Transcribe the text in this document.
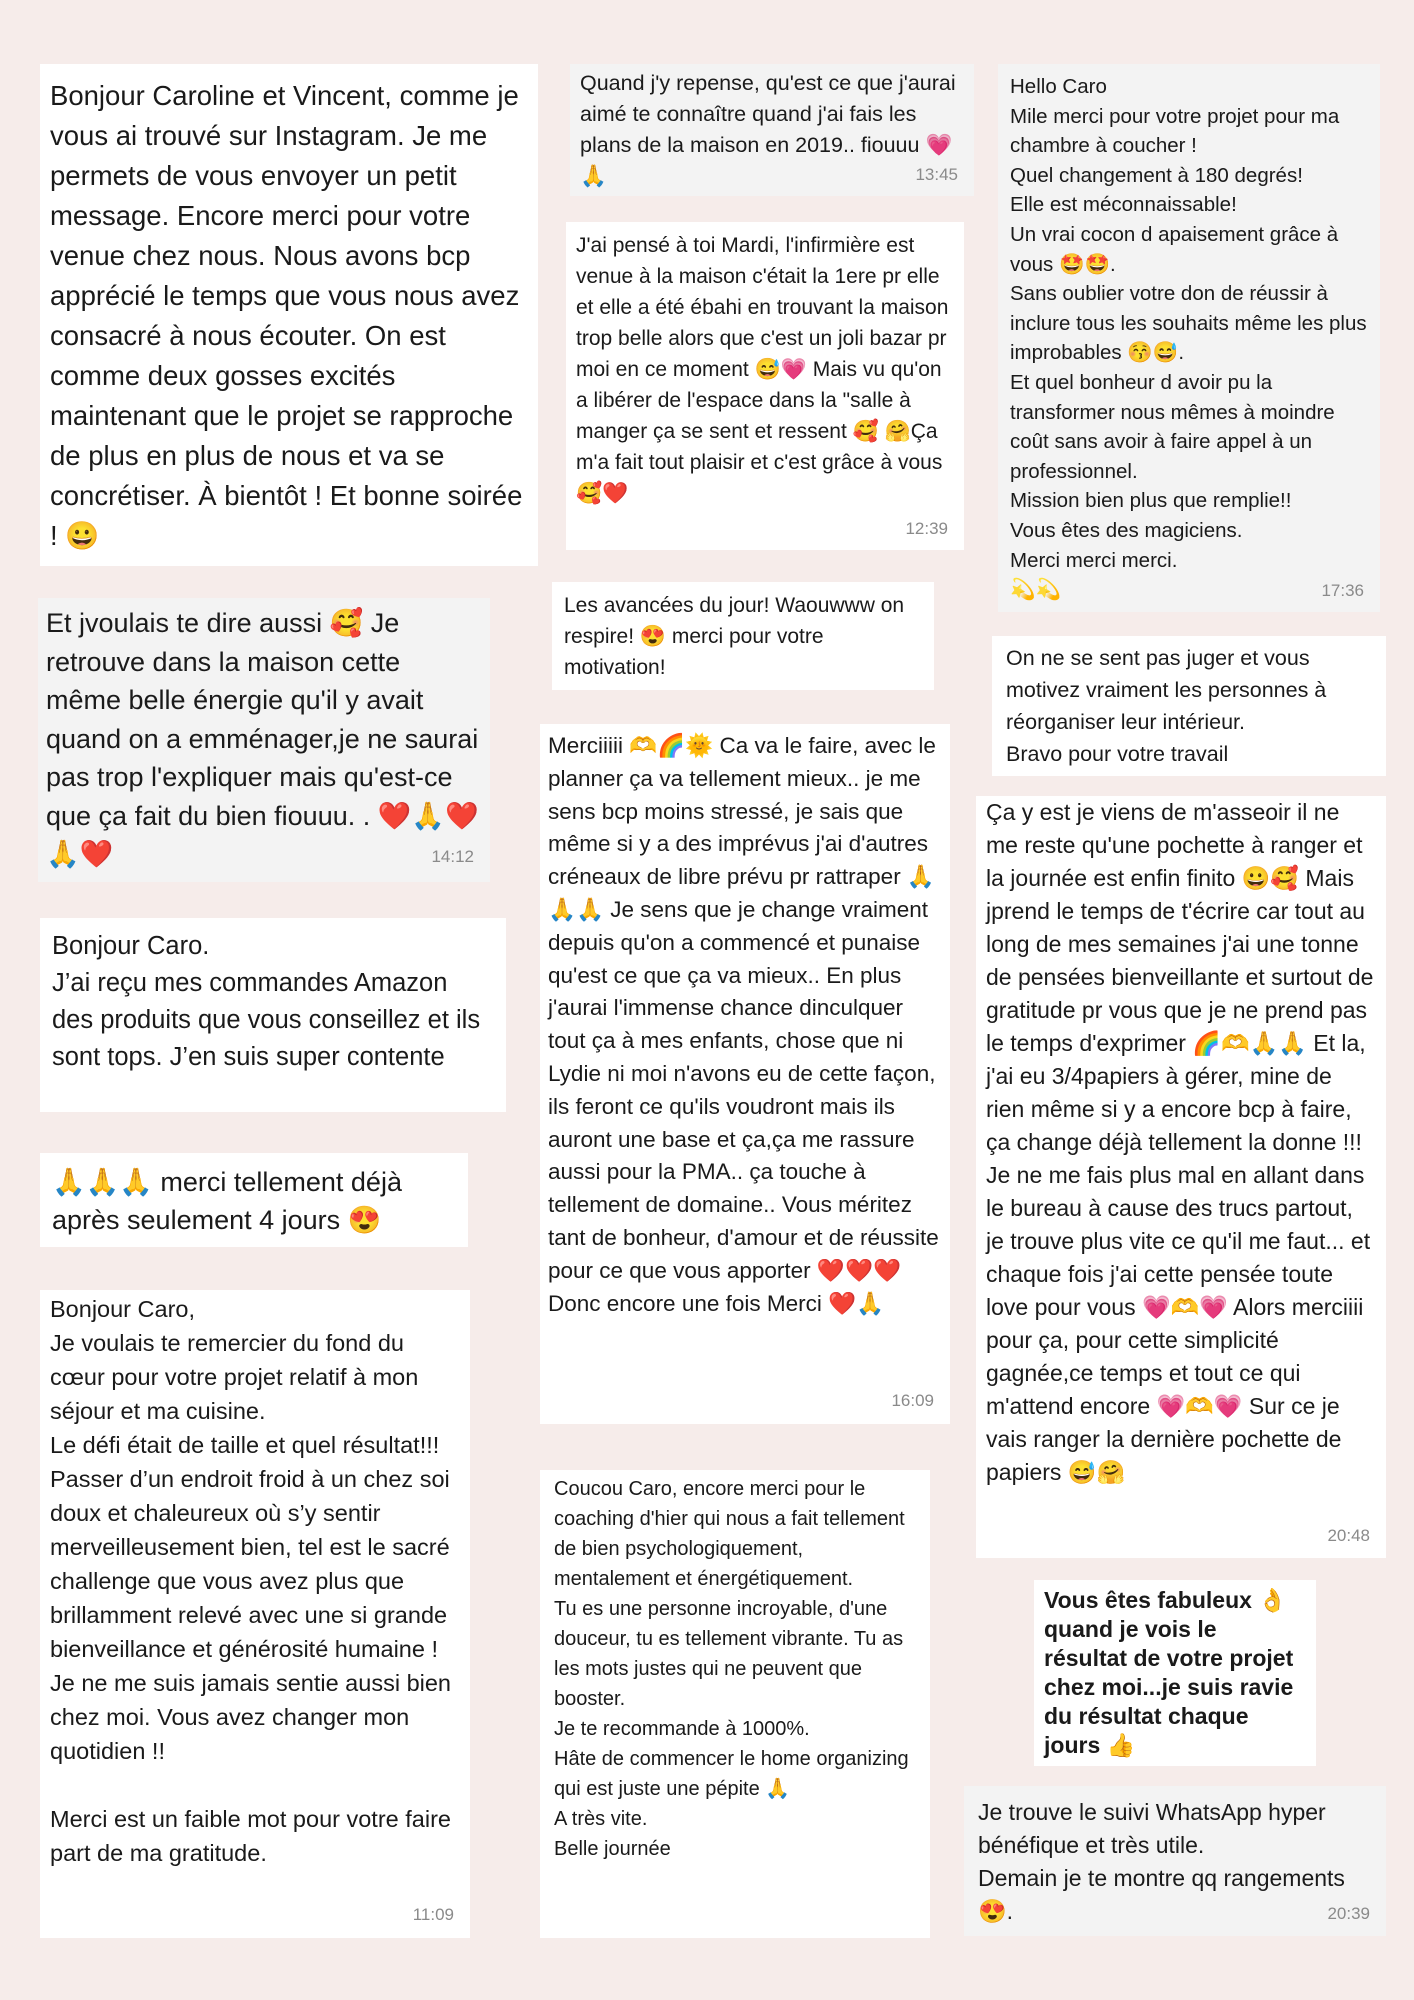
Bonjour Caroline et Vincent, comme je vous ai trouvé sur Instagram. Je me permets de vous envoyer un petit message. Encore merci pour votre venue chez nous. Nous avons bcp apprécié le temps que vous nous avez consacré à nous écouter. On est comme deux gosses excités maintenant que le projet se rapproche de plus en plus de nous et va se concrétiser. À bientôt ! Et bonne soirée ! 😀

Et jvoulais te dire aussi 🥰 Je retrouve dans la maison cette même belle énergie qu'il y avait quand on a emménager,je ne saurai pas trop l'expliquer mais qu'est-ce que ça fait du bien fiouuu. . ❤️🙏❤️🙏❤️	14:12

Bonjour Caro.
J’ai reçu mes commandes Amazon des produits que vous conseillez et ils sont tops. J’en suis super contente

🙏🙏🙏 merci tellement déjà après seulement 4 jours 😍

Bonjour Caro,
Je voulais te remercier du fond du cœur pour votre projet relatif à mon séjour et ma cuisine.
Le défi était de taille et quel résultat!!!
Passer d’un endroit froid à un chez soi doux et chaleureux où s’y sentir merveilleusement bien, tel est le sacré challenge que vous avez plus que brillamment relevé avec une si grande bienveillance et générosité humaine ! Je ne me suis jamais sentie aussi bien chez moi. Vous avez changer mon quotidien !!

Merci est un faible mot pour votre faire part de ma gratitude.

11:09

Quand j'y repense, qu'est ce que j'aurai aimé te connaître quand j'ai fais les plans de la maison en 2019.. fiouuu 💗🙏	13:45

J'ai pensé à toi Mardi, l'infirmière est venue à la maison c'était la 1ere pr elle et elle a été ébahi en trouvant la maison trop belle alors que c'est un joli bazar pr moi en ce moment 😅💗 Mais vu qu'on a libérer de l'espace dans la "salle à manger ça se sent et ressent 🥰 🤗Ça m'a fait tout plaisir et c'est grâce à vous 🥰❤️

12:39

Les avancées du jour! Waouwww on respire! 😍 merci pour votre motivation!

Merciiiii 🫶🌈🌞 Ca va le faire, avec le planner ça va tellement mieux.. je me sens bcp moins stressé, je sais que même si y a des imprévus j'ai d'autres créneaux de libre prévu pr rattraper 🙏🙏🙏 Je sens que je change vraiment depuis qu'on a commencé et punaise qu'est ce que ça va mieux.. En plus j'aurai l'immense chance dinculquer tout ça à mes enfants, chose que ni Lydie ni moi n'avons eu de cette façon, ils feront ce qu'ils voudront mais ils auront une base et ça,ça me rassure aussi pour la PMA.. ça touche à tellement de domaine.. Vous méritez tant de bonheur, d'amour et de réussite pour ce que vous apporter ❤️❤️❤️ Donc encore une fois Merci ❤️🙏

16:09

Coucou Caro, encore merci pour le coaching d'hier qui nous a fait tellement de bien psychologiquement, mentalement et énergétiquement.
Tu es une personne incroyable, d'une douceur, tu es tellement vibrante. Tu as les mots justes qui ne peuvent que booster.
Je te recommande à 1000%.
Hâte de commencer le home organizing qui est juste une pépite 🙏
A très vite.
Belle journée

Hello Caro
Mile merci pour votre projet pour ma chambre à coucher !
Quel changement à 180 degrés!
Elle est méconnaissable!
Un vrai cocon d apaisement grâce à vous 🤩🤩.
Sans oublier votre don de réussir à inclure tous les souhaits même les plus improbables 😚😅.
Et quel bonheur d avoir pu la transformer nous mêmes à moindre coût sans avoir à faire appel à un professionnel.
Mission bien plus que remplie!!
Vous êtes des magiciens.
Merci merci merci.
💫💫	17:36

On ne se sent pas juger et vous motivez vraiment les personnes à réorganiser leur intérieur.
Bravo pour votre travail

Ça y est je viens de m'asseoir il ne me reste qu'une pochette à ranger et la journée est enfin finito 😀🥰 Mais jprend le temps de t'écrire car tout au long de mes semaines j'ai une tonne de pensées bienveillante et surtout de gratitude pr vous que je ne prend pas le temps d'exprimer 🌈🫶🙏🙏 Et la, j'ai eu 3/4papiers à gérer, mine de rien même si y a encore bcp à faire, ça change déjà tellement la donne !!! Je ne me fais plus mal en allant dans le bureau à cause des trucs partout, je trouve plus vite ce qu'il me faut... et chaque fois j'ai cette pensée toute love pour vous 💗🫶💗 Alors merciiii pour ça, pour cette simplicité gagnée,ce temps et tout ce qui m'attend encore 💗🫶💗 Sur ce je vais ranger la dernière pochette de papiers 😅🤗

20:48

Vous êtes fabuleux 👌quand je vois le résultat de votre projet chez moi...je suis ravie du résultat chaque jours 👍

Je trouve le suivi WhatsApp hyper bénéfique et très utile.
Demain je te montre qq rangements 😍.	20:39
